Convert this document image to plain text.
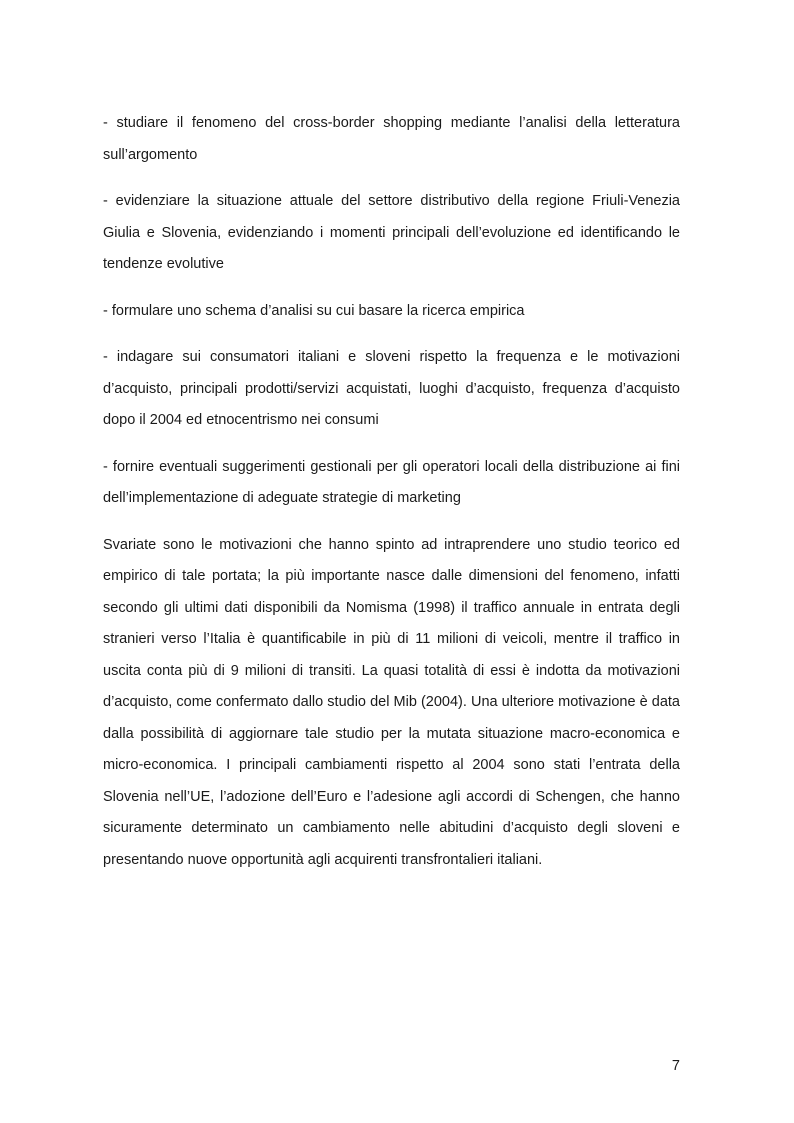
- studiare il fenomeno del cross-border shopping mediante l’analisi della letteratura sull’argomento

- evidenziare la situazione attuale del settore distributivo della regione Friuli-Venezia Giulia e Slovenia, evidenziando i momenti principali dell’evoluzione ed identificando le tendenze evolutive

- formulare uno schema d’analisi su cui basare la ricerca empirica

- indagare sui consumatori italiani e sloveni rispetto la frequenza e le motivazioni d’acquisto, principali prodotti/servizi acquistati, luoghi d’acquisto, frequenza d’acquisto dopo il 2004 ed etnocentrismo nei consumi

- fornire eventuali suggerimenti gestionali per gli operatori locali della distribuzione ai fini dell’implementazione di adeguate strategie di marketing

Svariate sono le motivazioni che hanno spinto ad intraprendere uno studio teorico ed empirico di tale portata; la più importante nasce dalle dimensioni del fenomeno, infatti secondo gli ultimi dati disponibili da Nomisma (1998) il traffico annuale in entrata degli stranieri verso l’Italia è quantificabile in più di 11 milioni di veicoli, mentre il traffico in uscita conta più di 9 milioni di transiti. La quasi totalità di essi è indotta da motivazioni d’acquisto, come confermato dallo studio del Mib (2004). Una ulteriore motivazione è data dalla possibilità di aggiornare tale studio per la mutata situazione macro-economica e micro-economica. I principali cambiamenti rispetto al 2004 sono stati l’entrata della Slovenia nell’UE, l’adozione dell’Euro e l’adesione agli accordi di Schengen, che hanno sicuramente determinato un cambiamento nelle abitudini d’acquisto degli sloveni e presentando nuove opportunità agli acquirenti transfrontalieri italiani.

7
